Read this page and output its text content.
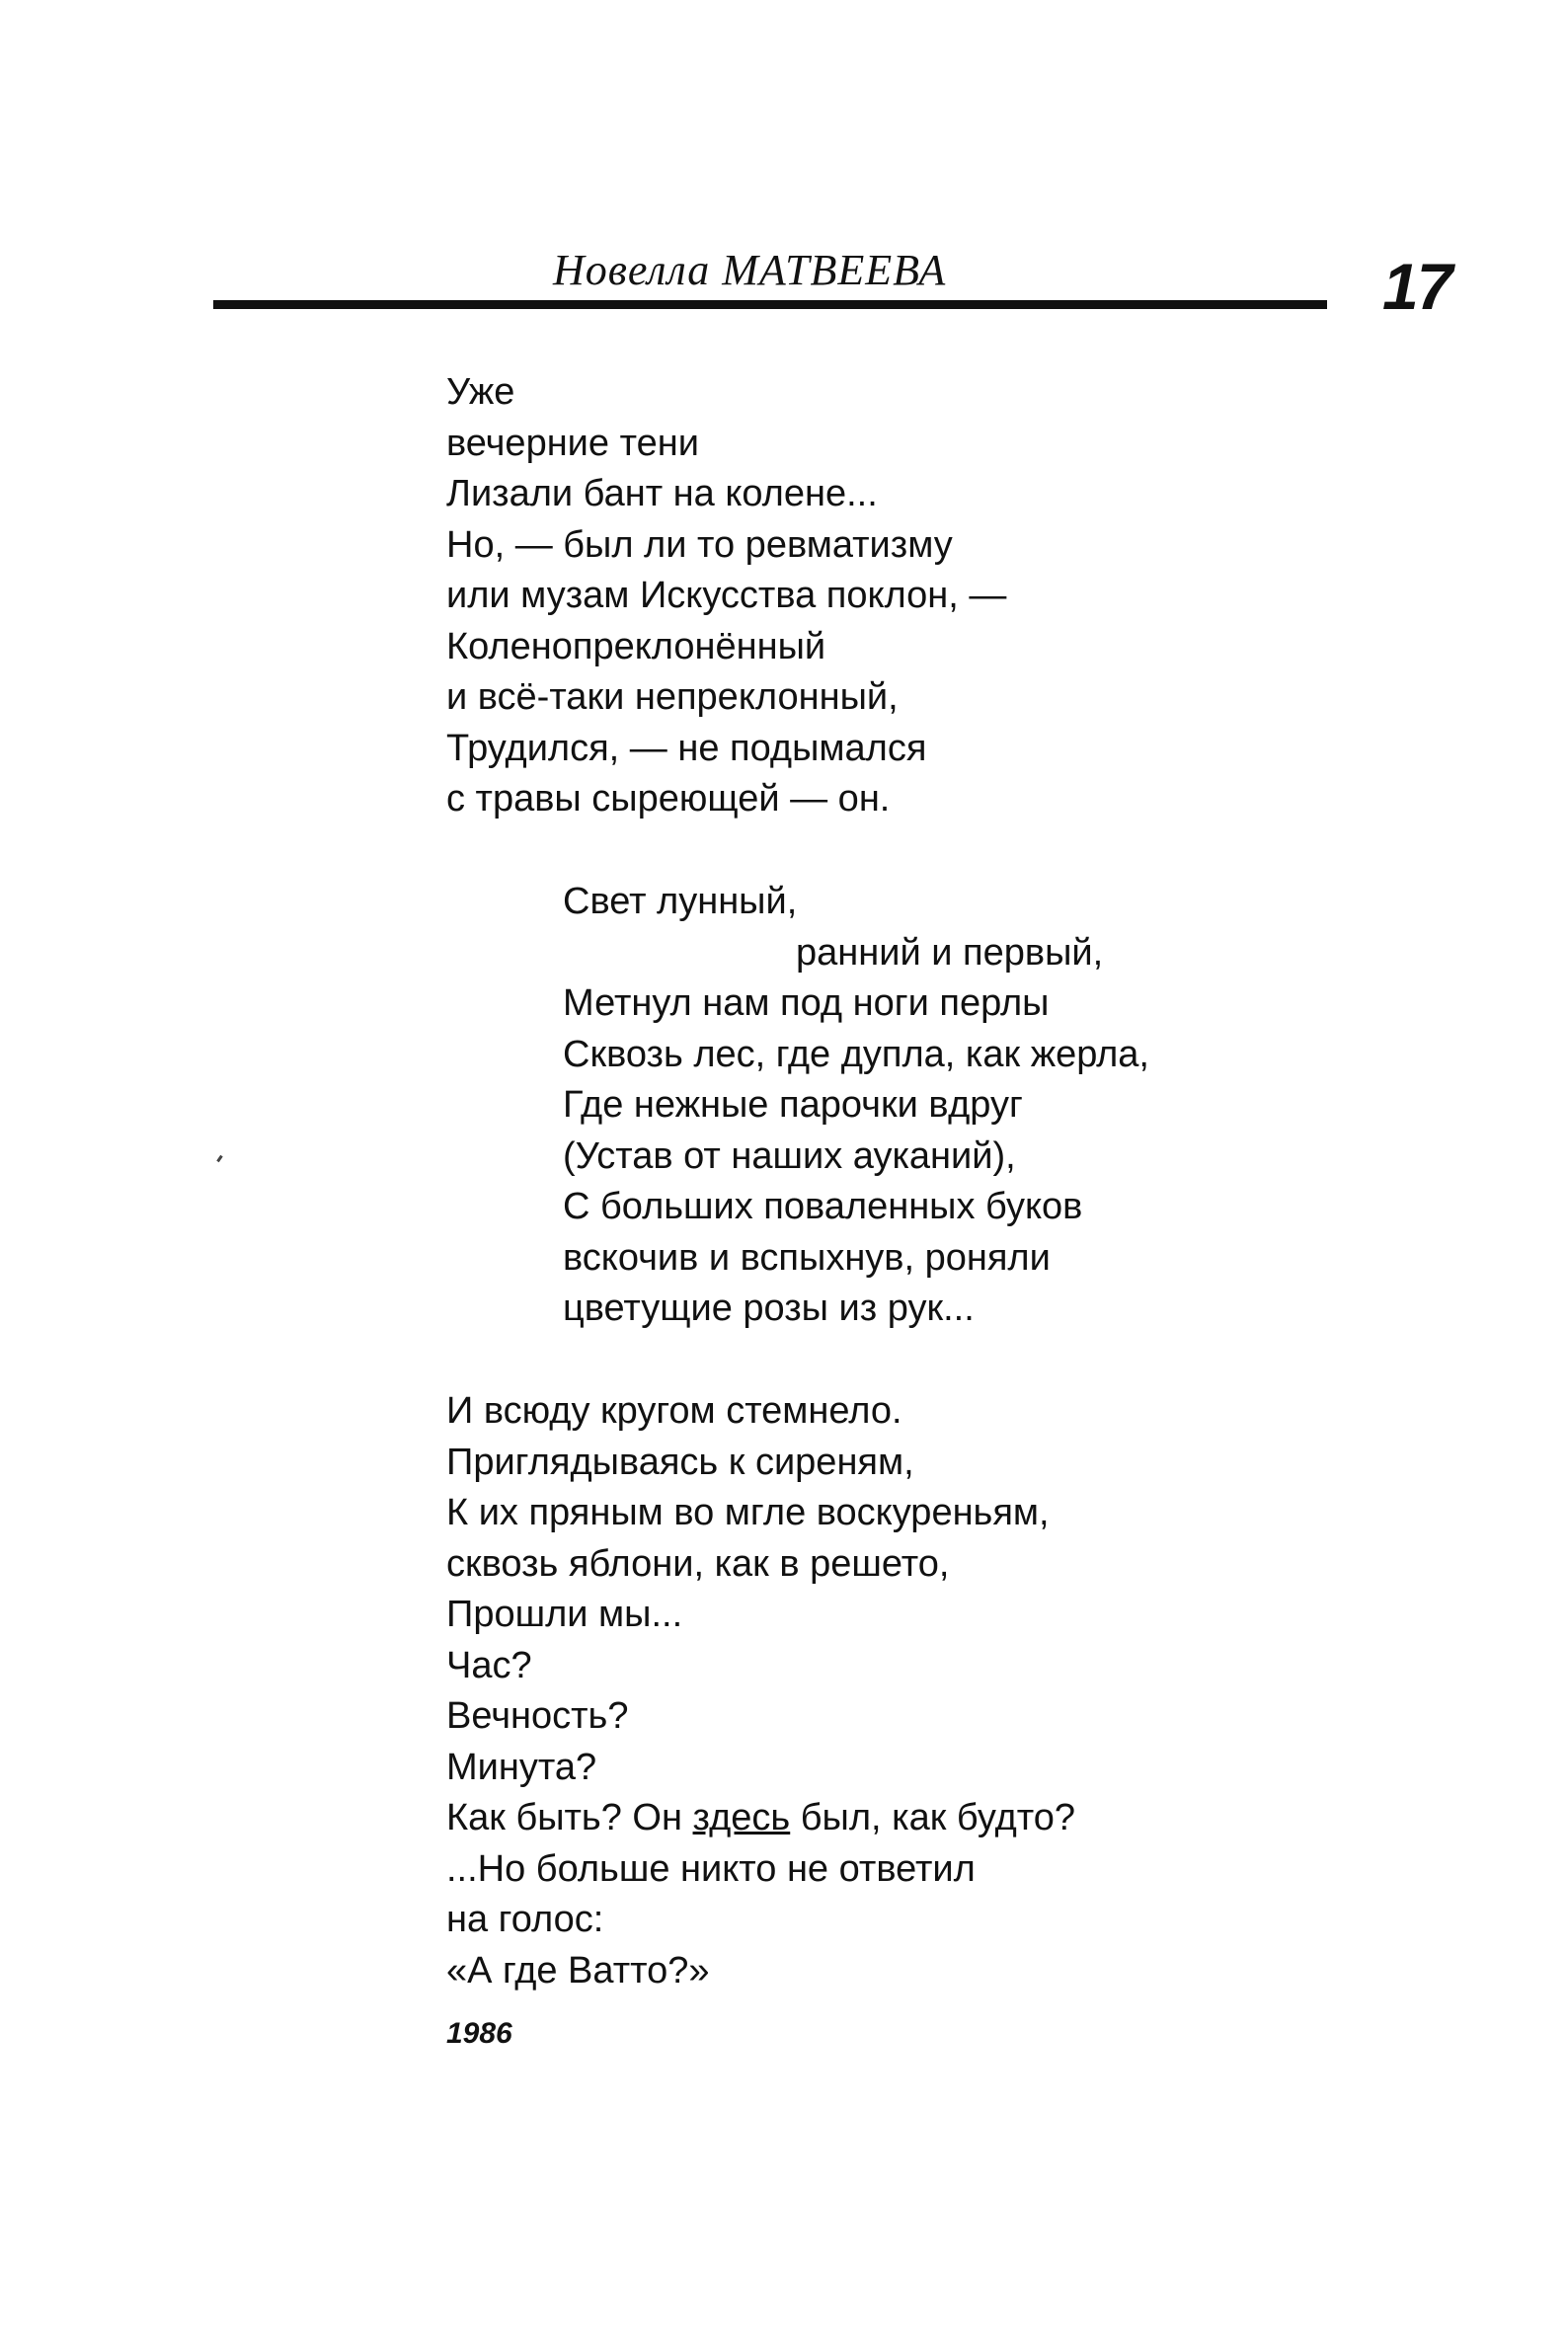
Новелла МАТВЕЕВА	17
Уже
вечерние тени
Лизали бант на колене...
Но, — был ли то ревматизму
или музам Искусства поклон, —
Коленопреклонённый
и всё-таки непреклонный,
Трудился, — не подымался
с травы сыреющей — он.
Свет лунный,
ранний и первый,
Метнул нам под ноги перлы
Сквозь лес, где дупла, как жерла,
Где нежные парочки вдруг
(Устав от наших ауканий),
С больших поваленных буков
вскочив и вспыхнув, роняли
цветущие розы из рук...
И всюду кругом стемнело.
Приглядываясь к сиреням,
К их пряным во мгле воскуреньям,
сквозь яблони, как в решето,
Прошли мы...
Час?
Вечность?
Минута?
Как быть? Он здесь был, как будто?
...Но больше никто не ответил
на голос:
«А где Ватто?»
1986
